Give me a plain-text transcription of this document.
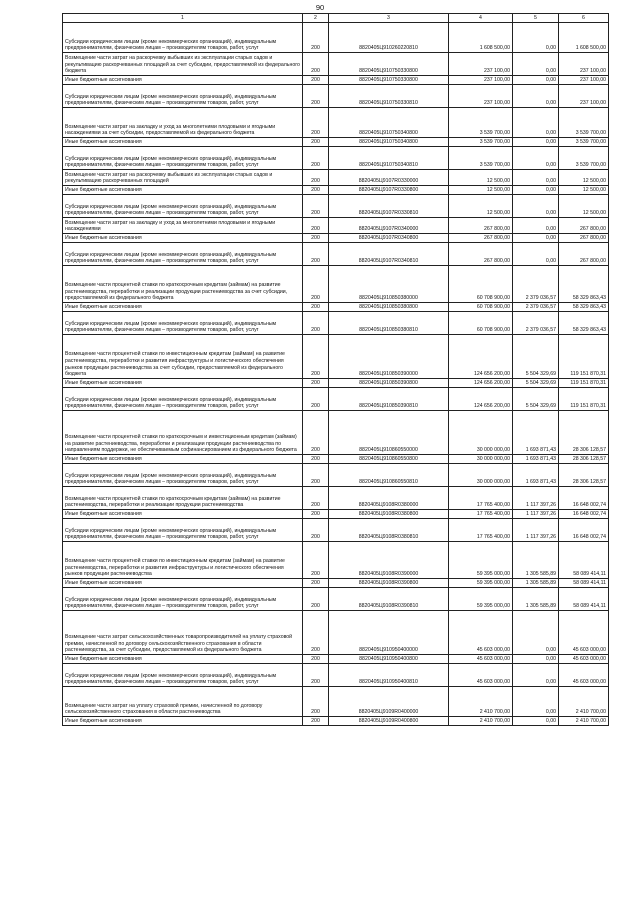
90
1	2	3	4	5	6
Субсидии юридическим лицам (кроме некоммерческих организаций), индивидуальным предпринимателям, физическим лицам – производителям товаров, работ, услуг	200	8820405Ц910260220810	1 608 500,00	0,00	1 608 500,00
Возмещение части затрат на раскорчевку выбывших из эксплуатации старых садов и рекультивацию раскорчеванных площадей за счет субсидии, предоставляемой из федерального бюджета	200	8820405Ц910750330800	237 100,00	0,00	237 100,00
Иные бюджетные ассигнования	200	8820405Ц910750330800	237 100,00	0,00	237 100,00
Субсидии юридическим лицам (кроме некоммерческих организаций), индивидуальным предпринимателям, физическим лицам – производителям товаров, работ, услуг	200	8820405Ц910750330810	237 100,00	0,00	237 100,00
Возмещение части затрат на закладку и уход за многолетними плодовыми и ягодными насаждениями за счет субсидии, предоставляемой из федерального бюджета	200	8820405Ц910750340800	3 539 700,00	0,00	3 539 700,00
Иные бюджетные ассигнования	200	8820405Ц910750340800	3 539 700,00	0,00	3 539 700,00
Субсидии юридическим лицам (кроме некоммерческих организаций), индивидуальным предпринимателям, физическим лицам – производителям товаров, работ, услуг	200	8820405Ц910750340810	3 539 700,00	0,00	3 539 700,00
Возмещение части затрат на раскорчевку выбывших из эксплуатации старых садов и рекультивацию раскорчеванных площадей	200	8820405Ц9107R0330000	12 500,00	0,00	12 500,00
Иные бюджетные ассигнования	200	8820405Ц9107R0330800	12 500,00	0,00	12 500,00
Субсидии юридическим лицам (кроме некоммерческих организаций), индивидуальным предпринимателям, физическим лицам – производителям товаров, работ, услуг	200	8820405Ц9107R0330810	12 500,00	0,00	12 500,00
Возмещение части затрат на закладку и уход за многолетними плодовыми и ягодными насаждениями	200	8820405Ц9107R0340000	267 800,00	0,00	267 800,00
Иные бюджетные ассигнования	200	8820405Ц9107R0340800	267 800,00	0,00	267 800,00
Субсидии юридическим лицам (кроме некоммерческих организаций), индивидуальным предпринимателям, физическим лицам – производителям товаров, работ, услуг	200	8820405Ц9107R0340810	267 800,00	0,00	267 800,00
Возмещение части процентной ставки по краткосрочным кредитам (займам) на развитие растениеводства, переработки и реализации продукции растениеводства за счет субсидии, предоставляемой из федерального бюджета	200	8820405Ц910850380000	60 708 900,00	2 379 036,57	58 329 863,43
Иные бюджетные ассигнования	200	8820405Ц910850380800	60 708 900,00	2 379 036,57	58 329 863,43
Субсидии юридическим лицам (кроме некоммерческих организаций), индивидуальным предпринимателям, физическим лицам – производителям товаров, работ, услуг	200	8820405Ц910850380810	60 708 900,00	2 379 036,57	58 329 863,43
Возмещение части процентной ставки по инвестиционным кредитам (займам) на развитие растениеводства, переработки и развития инфраструктуры и логистического обеспечения рынков продукции растениеводства за счет субсидии, предоставляемой из федерального бюджета	200	8820405Ц910850390000	124 656 200,00	5 504 329,69	119 151 870,31
Иные бюджетные ассигнования	200	8820405Ц910850390800	124 656 200,00	5 504 329,69	119 151 870,31
Субсидии юридическим лицам (кроме некоммерческих организаций), индивидуальным предпринимателям, физическим лицам – производителям товаров, работ, услуг	200	8820405Ц910850390810	124 656 200,00	5 504 329,69	119 151 870,31
Возмещение части процентной ставки по краткосрочным и инвестиционным кредитам (займам) на развитие растениеводства, переработки и реализации продукции растениеводства по направлениям поддержки, не обеспечиваемым софинансированием из федерального бюджета	200	8820405Ц910860550000	30 000 000,00	1 693 871,43	28 306 128,57
Иные бюджетные ассигнования	200	8820405Ц910860550800	30 000 000,00	1 693 871,43	28 306 128,57
Субсидии юридическим лицам (кроме некоммерческих организаций), индивидуальным предпринимателям, физическим лицам – производителям товаров, работ, услуг	200	8820405Ц910860550810	30 000 000,00	1 693 871,43	28 306 128,57
Возмещение части процентной ставки по краткосрочным кредитам (займам) на развитие растениеводства, переработки и реализации продукции растениеводства	200	8820405Ц9108R0380000	17 765 400,00	1 117 397,26	16 648 002,74
Иные бюджетные ассигнования	200	8820405Ц9108R0380800	17 765 400,00	1 117 397,26	16 648 002,74
Субсидии юридическим лицам (кроме некоммерческих организаций), индивидуальным предпринимателям, физическим лицам – производителям товаров, работ, услуг	200	8820405Ц9108R0380810	17 765 400,00	1 117 397,26	16 648 002,74
Возмещение части процентной ставки по инвестиционным кредитам (займам) на развитие растениеводства, переработки и развития инфраструктуры и логистического обеспечения рынков продукции растениеводства	200	8820405Ц9108R0390000	59 395 000,00	1 305 585,89	58 089 414,11
Иные бюджетные ассигнования	200	8820405Ц9108R0390800	59 395 000,00	1 305 585,89	58 089 414,11
Субсидии юридическим лицам (кроме некоммерческих организаций), индивидуальным предпринимателям, физическим лицам – производителям товаров, работ, услуг	200	8820405Ц9108R0390810	59 395 000,00	1 305 585,89	58 089 414,11
Возмещение части затрат сельскохозяйственных товаропроизводителей на уплату страховой премии, начисленной по договору сельскохозяйственного страхования в области растениеводства, за счет субсидии, предоставляемой из федерального бюджета	200	8820405Ц910950400000	45 603 000,00	0,00	45 603 000,00
Иные бюджетные ассигнования	200	8820405Ц910950400800	45 603 000,00	0,00	45 603 000,00
Субсидии юридическим лицам (кроме некоммерческих организаций), индивидуальным предпринимателям, физическим лицам – производителям товаров, работ, услуг	200	8820405Ц910950400810	45 603 000,00	0,00	45 603 000,00
Возмещение части затрат на уплату страховой премии, начисленной по договору сельскохозяйственного страхования в области растениеводства	200	8820405Ц9109R0400000	2 410 700,00	0,00	2 410 700,00
Иные бюджетные ассигнования	200	8820405Ц9109R0400800	2 410 700,00	0,00	2 410 700,00
